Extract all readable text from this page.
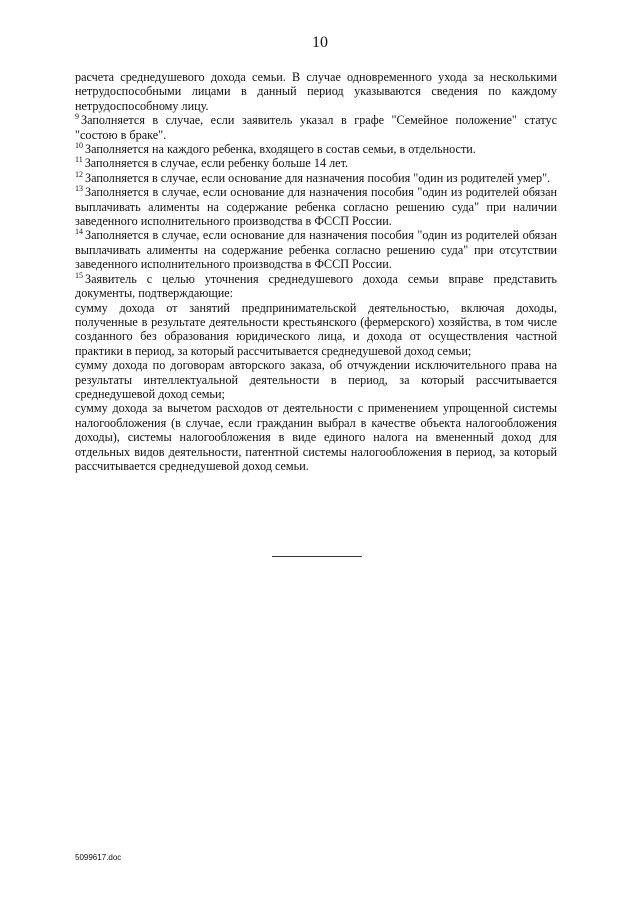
10

расчета среднедушевого дохода семьи. В случае одновременного ухода за несколькими нетрудоспособными лицами в данный период указываются сведения по каждому нетрудоспособному лицу.

$^9$ Заполняется в случае, если заявитель указал в графе "Семейное положение" статус "состою в браке".

$^{10}$ Заполняется на каждого ребенка, входящего в состав семьи, в отдельности.

$^{11}$ Заполняется в случае, если ребенку больше 14 лет.

$^{12}$ Заполняется в случае, если основание для назначения пособия "один из родителей умер".

$^{13}$ Заполняется в случае, если основание для назначения пособия "один из родителей обязан выплачивать алименты на содержание ребенка согласно решению суда" при наличии заведенного исполнительного производства в ФССП России.

$^{14}$ Заполняется в случае, если основание для назначения пособия "один из родителей обязан выплачивать алименты на содержание ребенка согласно решению суда" при отсутствии заведенного исполнительного производства в ФССП России.

$^{15}$ Заявитель с целью уточнения среднедушевого дохода семьи вправе представить документы, подтверждающие:

сумму дохода от занятий предпринимательской деятельностью, включая доходы, полученные в результате деятельности крестьянского (фермерского) хозяйства, в том числе созданного без образования юридического лица, и дохода от осуществления частной практики в период, за который рассчитывается среднедушевой доход семьи;

сумму дохода по договорам авторского заказа, об отчуждении исключительного права на результаты интеллектуальной деятельности в период, за который рассчитывается среднедушевой доход семьи;

сумму дохода за вычетом расходов от деятельности с применением упрощенной системы налогообложения (в случае, если гражданин выбрал в качестве объекта налогообложения доходы), системы налогообложения в виде единого налога на вмененный доход для отдельных видов деятельности, патентной системы налогообложения в период, за который рассчитывается среднедушевой доход семьи.

5099617.doc
